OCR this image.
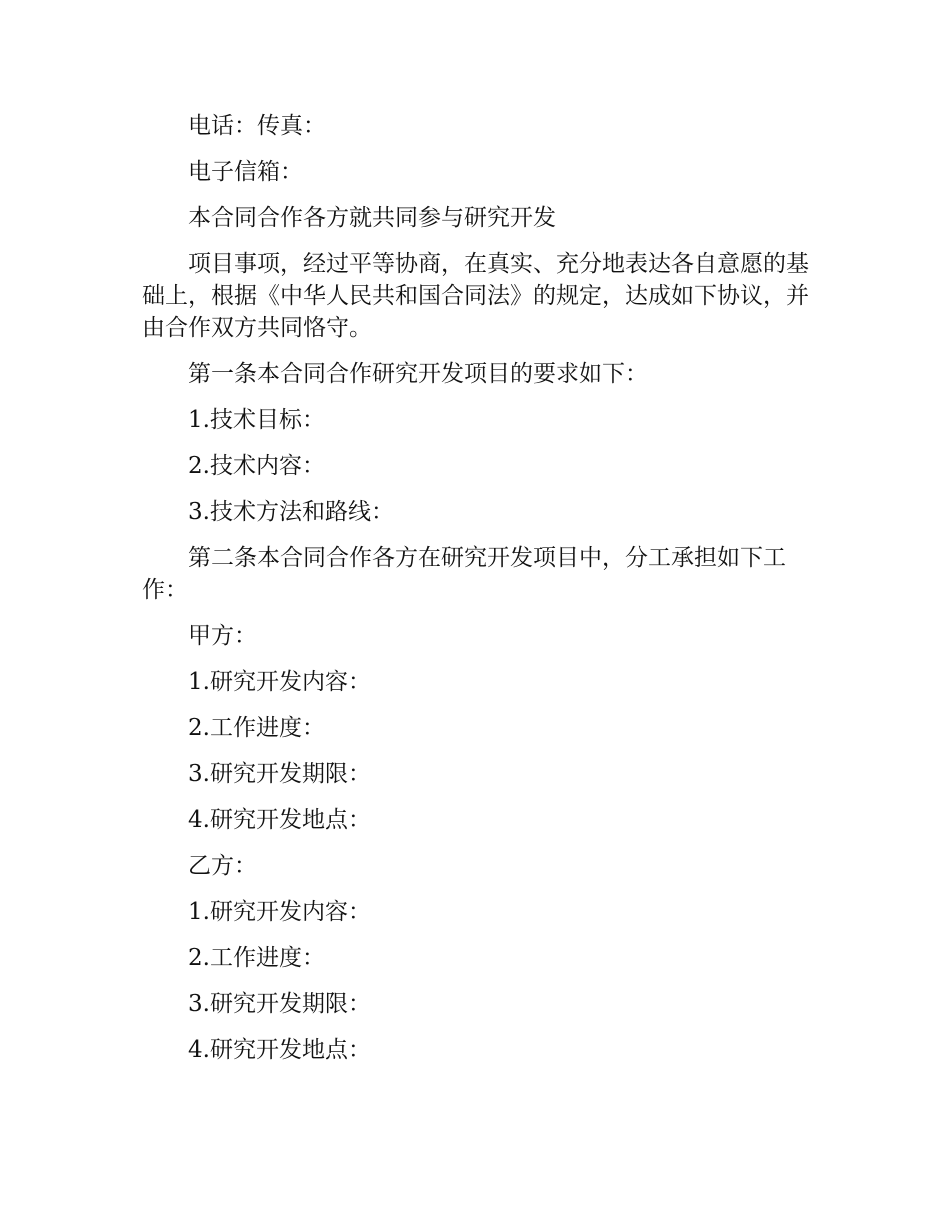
电话：传真：

电子信箱：

本合同合作各方就共同参与研究开发

项目事项，经过平等协商，在真实、充分地表达各自意愿的基础上，根据《中华人民共和国合同法》的规定，达成如下协议，并由合作双方共同恪守。

第一条本合同合作研究开发项目的要求如下：

1.技术目标：

2.技术内容：

3.技术方法和路线：

第二条本合同合作各方在研究开发项目中，分工承担如下工作：

甲方：

1.研究开发内容：

2.工作进度：

3.研究开发期限：

4.研究开发地点：

乙方：

1.研究开发内容：

2.工作进度：

3.研究开发期限：

4.研究开发地点：
